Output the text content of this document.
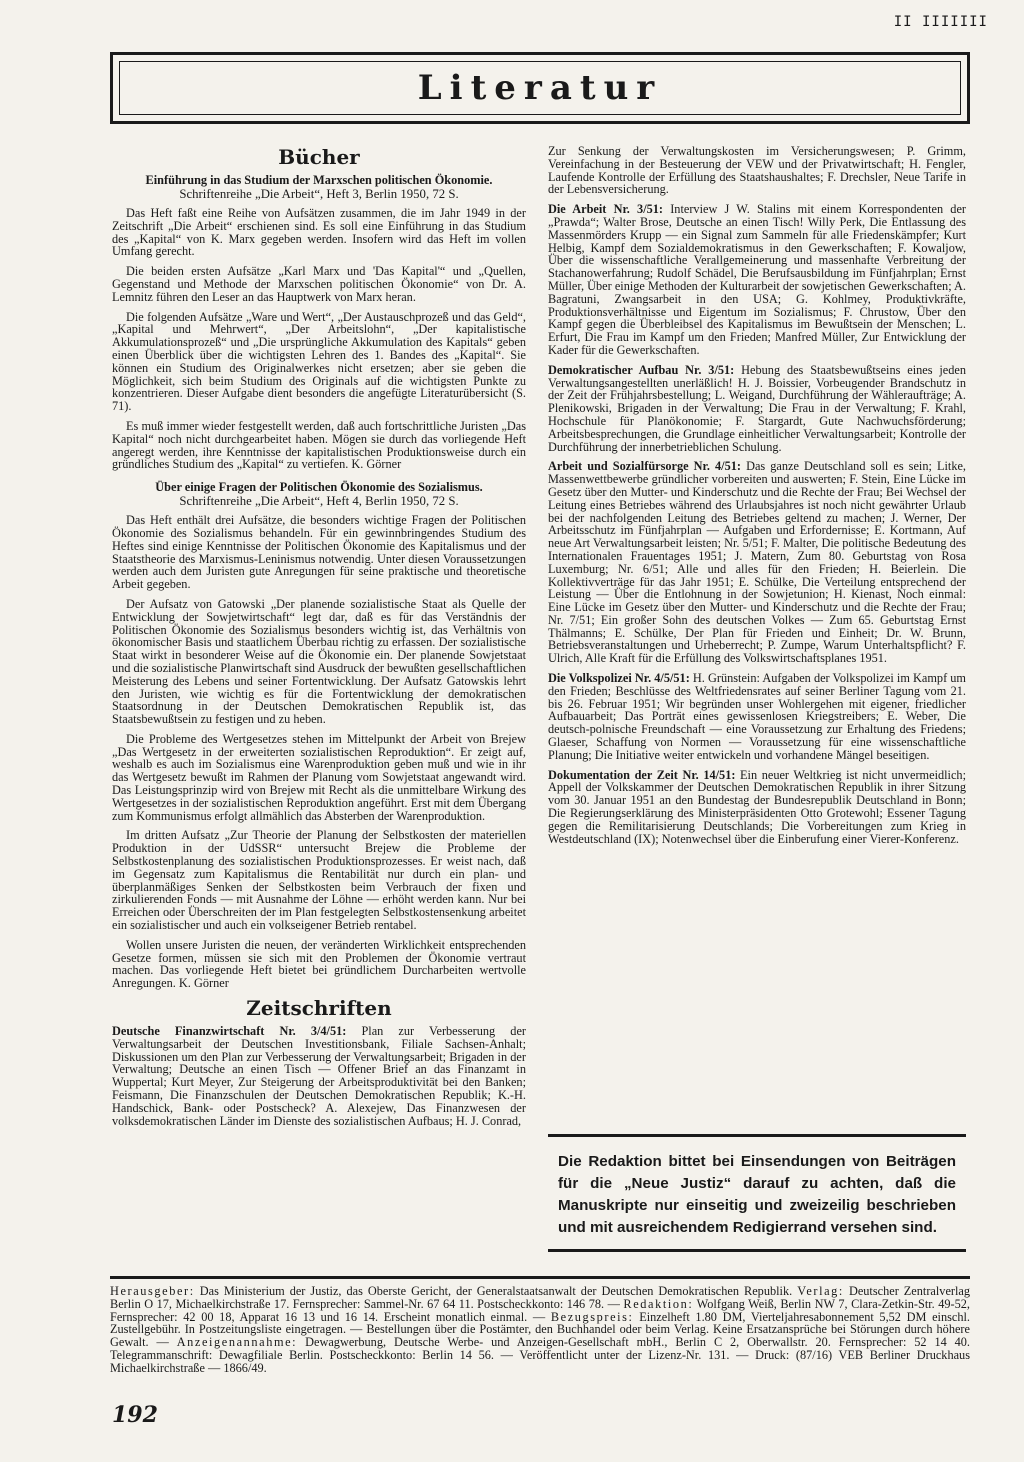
II IIIIIII
Literatur
Bücher
Einführung in das Studium der Marxschen politischen Ökonomie.
Schriftenreihe „Die Arbeit“, Heft 3, Berlin 1950, 72 S.

Das Heft faßt eine Reihe von Aufsätzen zusammen, die im Jahr 1949 in der Zeitschrift „Die Arbeit“ erschienen sind. Es soll eine Einführung in das Studium des „Kapital“ von K. Marx gegeben werden. Insofern wird das Heft im vollen Umfang gerecht.

Die beiden ersten Aufsätze „Karl Marx und 'Das Kapital'“ und „Quellen, Gegenstand und Methode der Marxschen politischen Ökonomie“ von Dr. A. Lemnitz führen den Leser an das Hauptwerk von Marx heran.

Die folgenden Aufsätze „Ware und Wert“, „Der Austauschprozeß und das Geld“, „Kapital und Mehrwert“, „Der Arbeitslohn“, „Der kapitalistische Akkumulationsprozeß“ und „Die ursprüngliche Akkumulation des Kapitals“ geben einen Überblick über die wichtigsten Lehren des 1. Bandes des „Kapital“. Sie können ein Studium des Originalwerkes nicht ersetzen; aber sie geben die Möglichkeit, sich beim Studium des Originals auf die wichtigsten Punkte zu konzentrieren. Dieser Aufgabe dient besonders die angefügte Literaturübersicht (S. 71).

Es muß immer wieder festgestellt werden, daß auch fortschrittliche Juristen „Das Kapital“ noch nicht durchgearbeitet haben. Mögen sie durch das vorliegende Heft angeregt werden, ihre Kenntnisse der kapitalistischen Produktionsweise durch ein gründliches Studium des „Kapital“ zu vertiefen. K. Görner

Über einige Fragen der Politischen Ökonomie des Sozialismus.
Schriftenreihe „Die Arbeit“, Heft 4, Berlin 1950, 72 S.

Das Heft enthält drei Aufsätze, die besonders wichtige Fragen der Politischen Ökonomie des Sozialismus behandeln. Für ein gewinnbringendes Studium des Heftes sind einige Kenntnisse der Politischen Ökonomie des Kapitalismus und der Staatstheorie des Marxismus-Leninismus notwendig. Unter diesen Voraussetzungen werden auch dem Juristen gute Anregungen für seine praktische und theoretische Arbeit gegeben.

Der Aufsatz von Gatowski „Der planende sozialistische Staat als Quelle der Entwicklung der Sowjetwirtschaft“ legt dar, daß es für das Verständnis der Politischen Ökonomie des Sozialismus besonders wichtig ist, das Verhältnis von ökonomischer Basis und staatlichem Überbau richtig zu erfassen. Der sozialistische Staat wirkt in besonderer Weise auf die Ökonomie ein. Der planende Sowjetstaat und die sozialistische Planwirtschaft sind Ausdruck der bewußten gesellschaftlichen Meisterung des Lebens und seiner Fortentwicklung. Der Aufsatz Gatowskis lehrt den Juristen, wie wichtig es für die Fortentwicklung der demokratischen Staatsordnung in der Deutschen Demokratischen Republik ist, das Staatsbewußtsein zu festigen und zu heben.

Die Probleme des Wertgesetzes stehen im Mittelpunkt der Arbeit von Brejew „Das Wertgesetz in der erweiterten sozialistischen Reproduktion“. Er zeigt auf, weshalb es auch im Sozialismus eine Warenproduktion geben muß und wie in ihr das Wertgesetz bewußt im Rahmen der Planung vom Sowjetstaat angewandt wird. Das Leistungsprinzip wird von Brejew mit Recht als die unmittelbare Wirkung des Wertgesetzes in der sozialistischen Reproduktion angeführt. Erst mit dem Übergang zum Kommunismus erfolgt allmählich das Absterben der Warenproduktion.

Im dritten Aufsatz „Zur Theorie der Planung der Selbstkosten der materiellen Produktion in der UdSSR“ untersucht Brejew die Probleme der Selbstkostenplanung des sozialistischen Produktionsprozesses. Er weist nach, daß im Gegensatz zum Kapitalismus die Rentabilität nur durch ein plan- und überplanmäßiges Senken der Selbstkosten beim Verbrauch der fixen und zirkulierenden Fonds — mit Ausnahme der Löhne — erhöht werden kann. Nur bei Erreichen oder Überschreiten der im Plan festgelegten Selbstkostensenkung arbeitet ein sozialistischer und auch ein volkseigener Betrieb rentabel.

Wollen unsere Juristen die neuen, der veränderten Wirklichkeit entsprechenden Gesetze formen, müssen sie sich mit den Problemen der Ökonomie vertraut machen. Das vorliegende Heft bietet bei gründlichem Durcharbeiten wertvolle Anregungen. K. Görner

Zeitschriften

Deutsche Finanzwirtschaft Nr. 3/4/51: Plan zur Verbesserung der Verwaltungsarbeit der Deutschen Investitionsbank, Filiale Sachsen-Anhalt; Diskussionen um den Plan zur Verbesserung der Verwaltungsarbeit; Brigaden in der Verwaltung; Deutsche an einen Tisch — Offener Brief an das Finanzamt in Wuppertal; Kurt Meyer, Zur Steigerung der Arbeitsproduktivität bei den Banken; Feismann, Die Finanzschulen der Deutschen Demokratischen Republik; K.-H. Handschick, Bank- oder Postscheck? A. Alexejew, Das Finanzwesen der volksdemokratischen Länder im Dienste des sozialistischen Aufbaus; H. J. Conrad,

Zur Senkung der Verwaltungskosten im Versicherungswesen; P. Grimm, Vereinfachung in der Besteuerung der VEW und der Privatwirtschaft; H. Fengler, Laufende Kontrolle der Erfüllung des Staatshaushaltes; F. Drechsler, Neue Tarife in der Lebensversicherung.

Die Arbeit Nr. 3/51: Interview J W. Stalins mit einem Korrespondenten der „Prawda“; Walter Brose, Deutsche an einen Tisch! Willy Perk, Die Entlassung des Massenmörders Krupp — ein Signal zum Sammeln für alle Friedenskämpfer; Kurt Helbig, Kampf dem Sozialdemokratismus in den Gewerkschaften; F. Kowaljow, Über die wissenschaftliche Verallgemeinerung und massenhafte Verbreitung der Stachanowerfahrung; Rudolf Schädel, Die Berufsausbildung im Fünfjahrplan; Ernst Müller, Über einige Methoden der Kulturarbeit der sowjetischen Gewerkschaften; A. Bagratuni, Zwangsarbeit in den USA; G. Kohlmey, Produktivkräfte, Produktionsverhältnisse und Eigentum im Sozialismus; F. Chrustow, Über den Kampf gegen die Überbleibsel des Kapitalismus im Bewußtsein der Menschen; L. Erfurt, Die Frau im Kampf um den Frieden; Manfred Müller, Zur Entwicklung der Kader für die Gewerkschaften.

Demokratischer Aufbau Nr. 3/51: Hebung des Staatsbewußtseins eines jeden Verwaltungsangestellten unerläßlich! H. J. Boissier, Vorbeugender Brandschutz in der Zeit der Frühjahrsbestellung; L. Weigand, Durchführung der Wähleraufträge; A. Plenikowski, Brigaden in der Verwaltung; Die Frau in der Verwaltung; F. Krahl, Hochschule für Planökonomie; F. Stargardt, Gute Nachwuchsförderung; Arbeitsbesprechungen, die Grundlage einheitlicher Verwaltungsarbeit; Kontrolle der Durchführung der innerbetrieblichen Schulung.

Arbeit und Sozialfürsorge Nr. 4/51: Das ganze Deutschland soll es sein; Litke, Massenwettbewerbe gründlicher vorbereiten und auswerten; F. Stein, Eine Lücke im Gesetz über den Mutter- und Kinderschutz und die Rechte der Frau; Bei Wechsel der Leitung eines Betriebes während des Urlaubsjahres ist noch nicht gewährter Urlaub bei der nachfolgenden Leitung des Betriebes geltend zu machen; J. Werner, Der Arbeitsschutz im Fünfjahrplan — Aufgaben und Erfordernisse; E. Kortmann, Auf neue Art Verwaltungsarbeit leisten; Nr. 5/51; F. Malter, Die politische Bedeutung des Internationalen Frauentages 1951; J. Matern, Zum 80. Geburtstag von Rosa Luxemburg; Nr. 6/51; Alle und alles für den Frieden; H. Beierlein. Die Kollektivverträge für das Jahr 1951; E. Schülke, Die Verteilung entsprechend der Leistung — Über die Entlohnung in der Sowjetunion; H. Kienast, Noch einmal: Eine Lücke im Gesetz über den Mutter- und Kinderschutz und die Rechte der Frau; Nr. 7/51; Ein großer Sohn des deutschen Volkes — Zum 65. Geburtstag Ernst Thälmanns; E. Schülke, Der Plan für Frieden und Einheit; Dr. W. Brunn, Betriebsveranstaltungen und Urheberrecht; P. Zumpe, Warum Unterhaltspflicht? F. Ulrich, Alle Kraft für die Erfüllung des Volkswirtschaftsplanes 1951.

Die Volkspolizei Nr. 4/5/51: H. Grünstein: Aufgaben der Volkspolizei im Kampf um den Frieden; Beschlüsse des Weltfriedensrates auf seiner Berliner Tagung vom 21. bis 26. Februar 1951; Wir begründen unser Wohlergehen mit eigener, friedlicher Aufbauarbeit; Das Porträt eines gewissenlosen Kriegstreibers; E. Weber, Die deutsch-polnische Freundschaft — eine Voraussetzung zur Erhaltung des Friedens; Glaeser, Schaffung von Normen — Voraussetzung für eine wissenschaftliche Planung; Die Initiative weiter entwickeln und vorhandene Mängel beseitigen.

Dokumentation der Zeit Nr. 14/51: Ein neuer Weltkrieg ist nicht unvermeidlich; Appell der Volkskammer der Deutschen Demokratischen Republik in ihrer Sitzung vom 30. Januar 1951 an den Bundestag der Bundesrepublik Deutschland in Bonn; Die Regierungserklärung des Ministerpräsidenten Otto Grotewohl; Essener Tagung gegen die Remilitarisierung Deutschlands; Die Vorbereitungen zum Krieg in Westdeutschland (IX); Notenwechsel über die Einberufung einer Vierer-Konferenz.

Die Redaktion bittet bei Einsendungen von Beiträgen für die „Neue Justiz“ darauf zu achten, daß die Manuskripte nur einseitig und zweizeilig beschrieben und mit ausreichendem Redigierrand versehen sind.
Herausgeber: Das Ministerium der Justiz, das Oberste Gericht, der Generalstaatsanwalt der Deutschen Demokratischen Republik. Verlag: Deutscher Zentralverlag Berlin O 17, Michaelkirchstraße 17. Fernsprecher: Sammel-Nr. 67 64 11. Postscheckkonto: 146 78. — Redaktion: Wolfgang Weiß, Berlin NW 7, Clara-Zetkin-Str. 49-52, Fernsprecher: 42 00 18, Apparat 16 13 und 16 14. Erscheint monatlich einmal. — Bezugspreis: Einzelheft 1.80 DM, Vierteljahresabonnement 5,52 DM einschl. Zustellgebühr. In Postzeitungsliste eingetragen. — Bestellungen über die Postämter, den Buchhandel oder beim Verlag. Keine Ersatzansprüche bei Störungen durch höhere Gewalt. — Anzeigenannahme: Dewagwerbung, Deutsche Werbe- und Anzeigen-Gesellschaft mbH., Berlin C 2, Oberwallstr. 20. Fernsprecher: 52 14 40. Telegrammanschrift: Dewagfiliale Berlin. Postscheckkonto: Berlin 14 56. — Veröffentlicht unter der Lizenz-Nr. 131. — Druck: (87/16) VEB Berliner Druckhaus Michaelkirchstraße — 1866/49.
192
